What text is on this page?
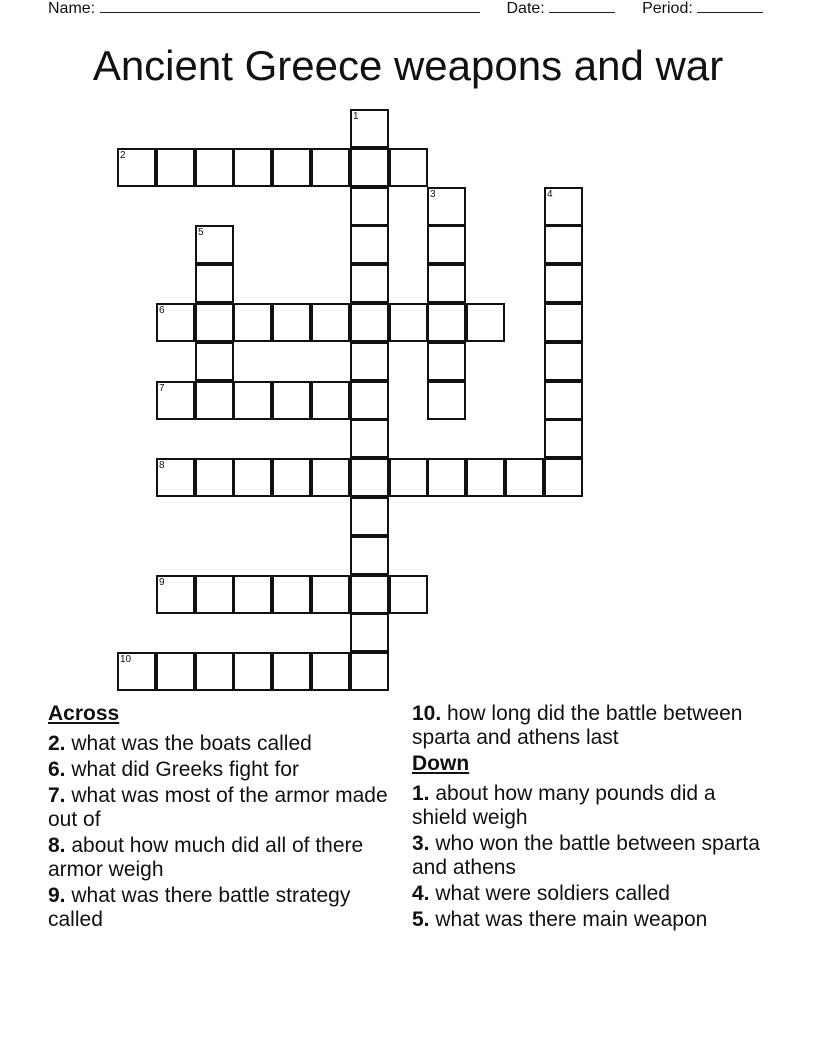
Name:	Date:	Period:
Ancient Greece weapons and war
1
2
3	4
5
6
7
8
9
10
Across
2. what was the boats called
6. what did Greeks fight for
7. what was most of the armor made out of
8. about how much did all of there armor weigh
9. what was there battle strategy called
10. how long did the battle between sparta and athens last
Down
1. about how many pounds did a shield weigh
3. who won the battle between sparta and athens
4. what were soldiers called
5. what was there main weapon
